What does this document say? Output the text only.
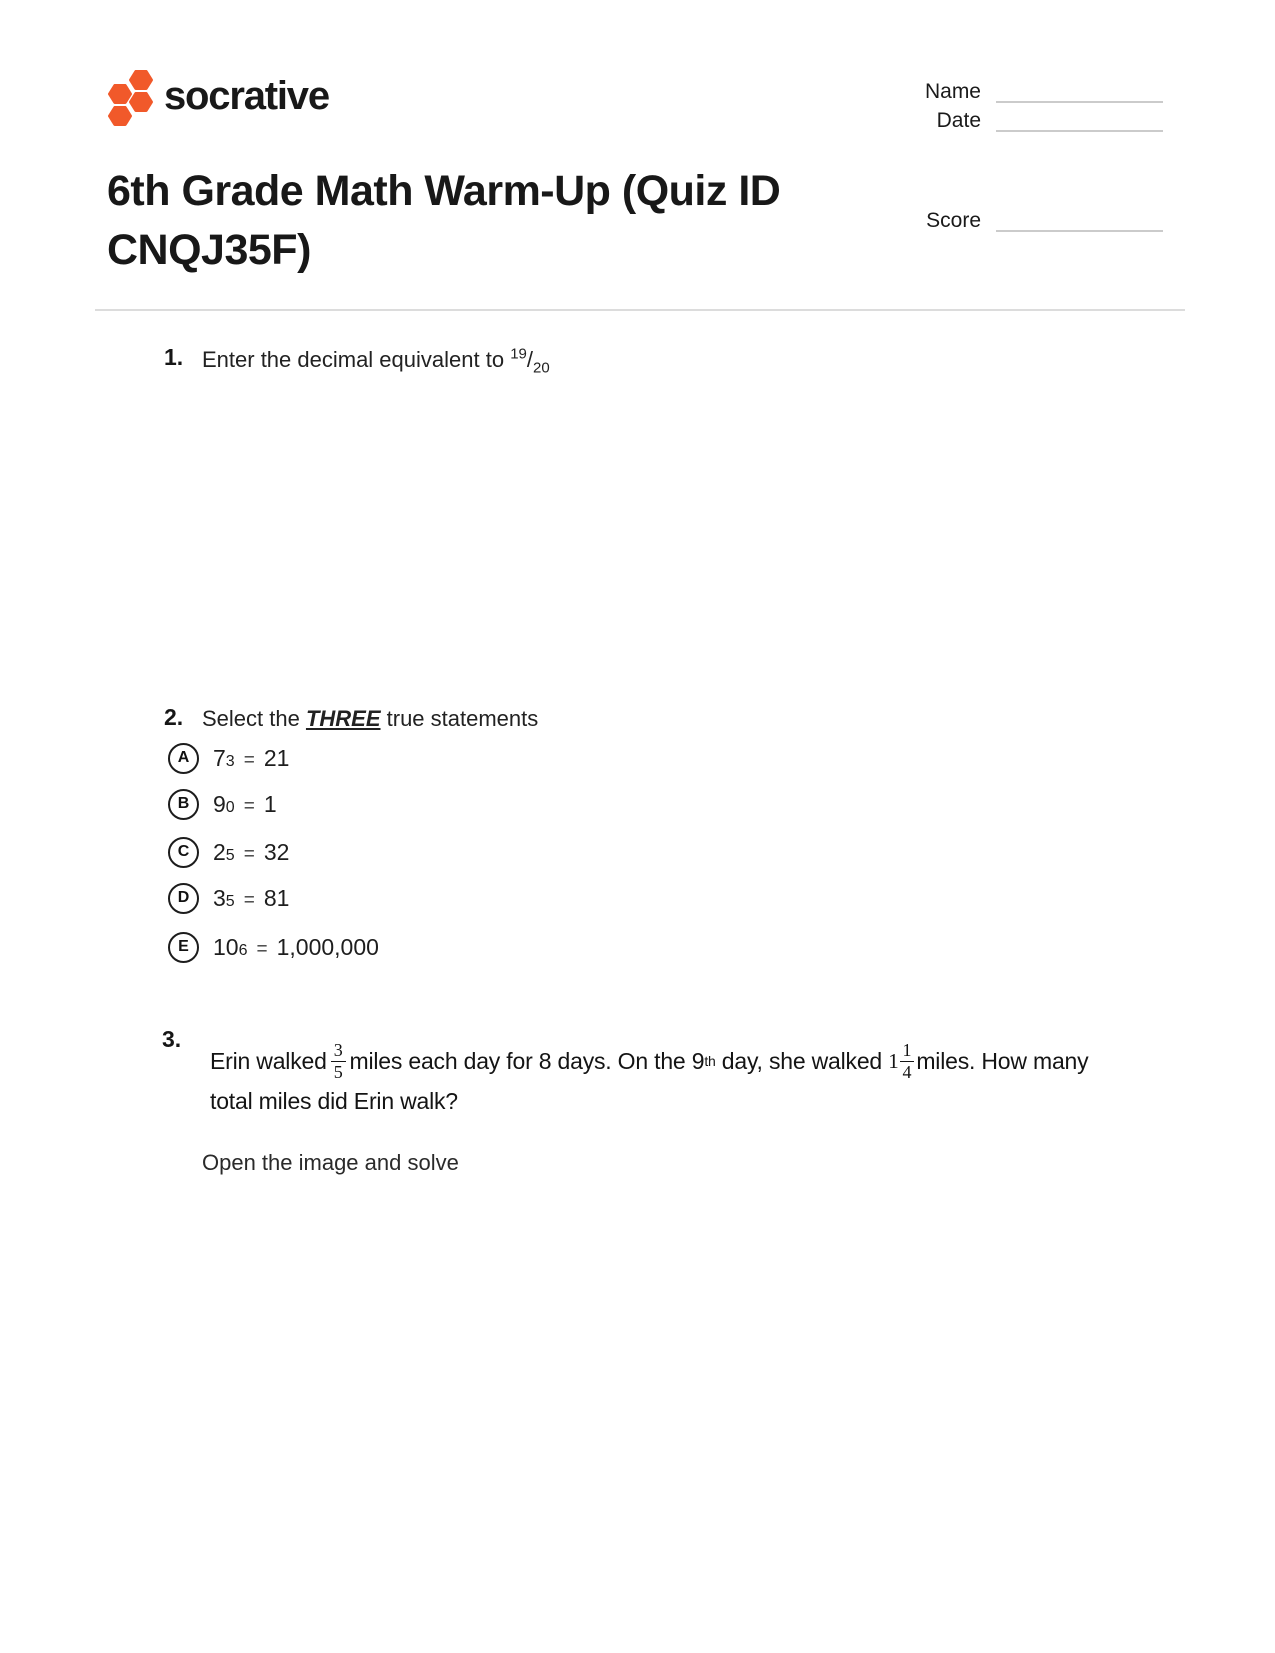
socrative	Name
Date
Score
6th Grade Math Warm-Up (Quiz ID CNQJ35F)
1. Enter the decimal equivalent to $^{19}/_{20}$
2. Select the THREE true statements
A	7 3 = 21
B	9 0 = 1
C	2 5 = 32
D	3 5 = 81
E	10 6 = 1,000,000
3.
Erin walked $\frac{3}{5}$ miles each day for 8 days. On the 9 th day, she walked $1 \frac{1}{4}$ miles. How many
total miles did Erin walk?
Open the image and solve
